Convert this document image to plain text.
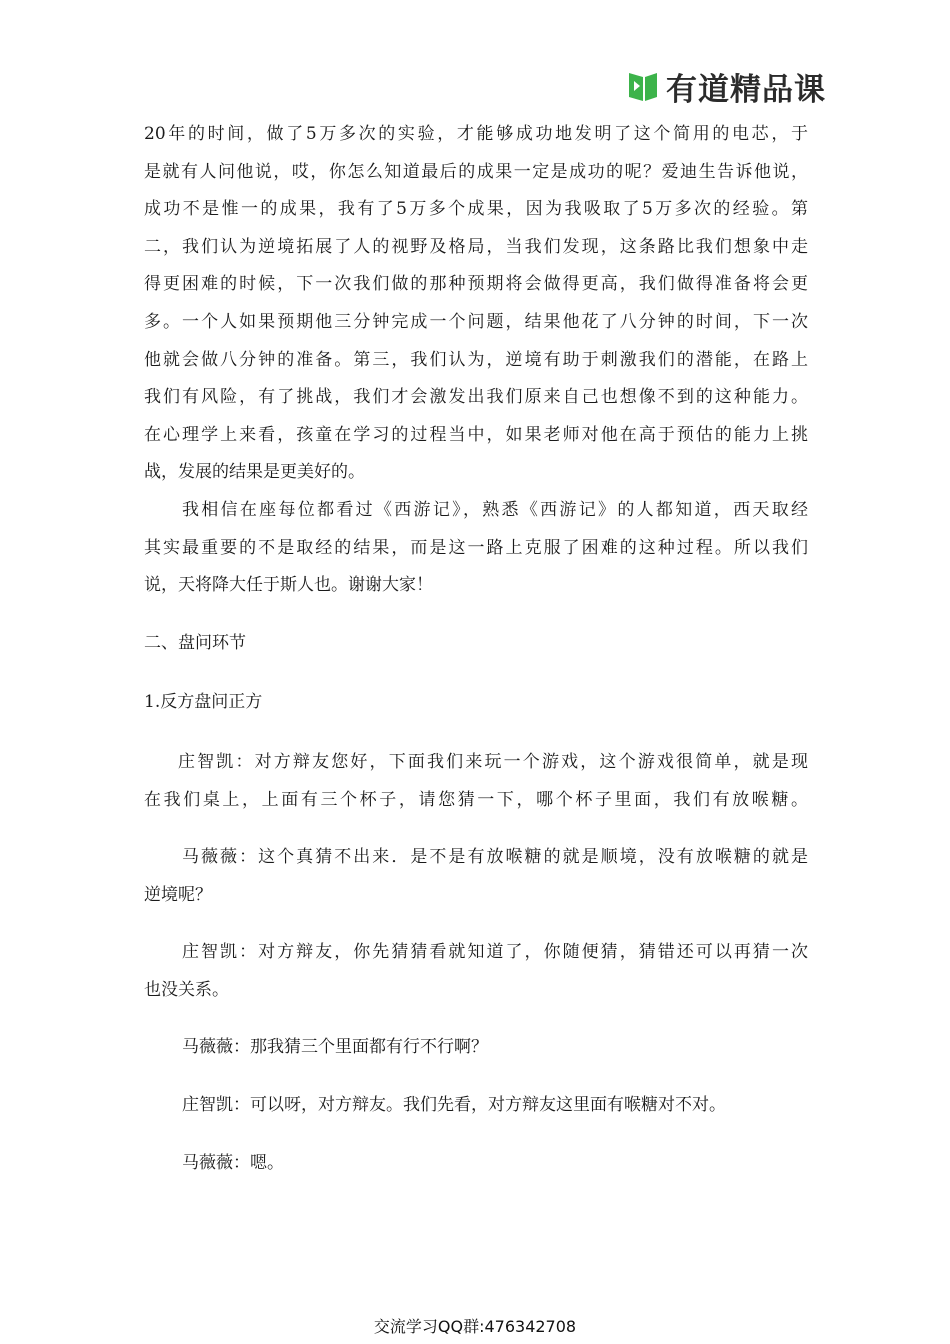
有道精品课
20年的时间，做了5万多次的实验，才能够成功地发明了这个简用的电芯，于
是就有人问他说，哎，你怎么知道最后的成果一定是成功的呢？爱迪生告诉他说，
成功不是惟一的成果，我有了5万多个成果，因为我吸取了5万多次的经验。第
二，我们认为逆境拓展了人的视野及格局，当我们发现，这条路比我们想象中走
得更困难的时候，下一次我们做的那种预期将会做得更高，我们做得准备将会更
多。一个人如果预期他三分钟完成一个问题，结果他花了八分钟的时间，下一次
他就会做八分钟的准备。第三，我们认为，逆境有助于刺激我们的潜能，在路上
我们有风险，有了挑战，我们才会激发出我们原来自己也想像不到的这种能力。
在心理学上来看，孩童在学习的过程当中，如果老师对他在高于预估的能力上挑
战，发展的结果是更美好的。
我相信在座每位都看过《西游记》，熟悉《西游记》的人都知道，西天取经
其实最重要的不是取经的结果，而是这一路上克服了困难的这种过程。所以我们
说，天将降大任于斯人也。谢谢大家！
二、盘问环节
1.反方盘问正方
庄智凯：对方辩友您好，下面我们来玩一个游戏，这个游戏很简单，就是现
在我们桌上，上面有三个杯子，请您猜一下，哪个杯子里面，我们有放喉糖。
马薇薇：这个真猜不出来．是不是有放喉糖的就是顺境，没有放喉糖的就是
逆境呢？
庄智凯：对方辩友，你先猜猜看就知道了，你随便猜，猜错还可以再猜一次
也没关系。
马薇薇：那我猜三个里面都有行不行啊？
庄智凯：可以呀，对方辩友。我们先看，对方辩友这里面有喉糖对不对。
马薇薇：嗯。
交流学习QQ群:476342708
